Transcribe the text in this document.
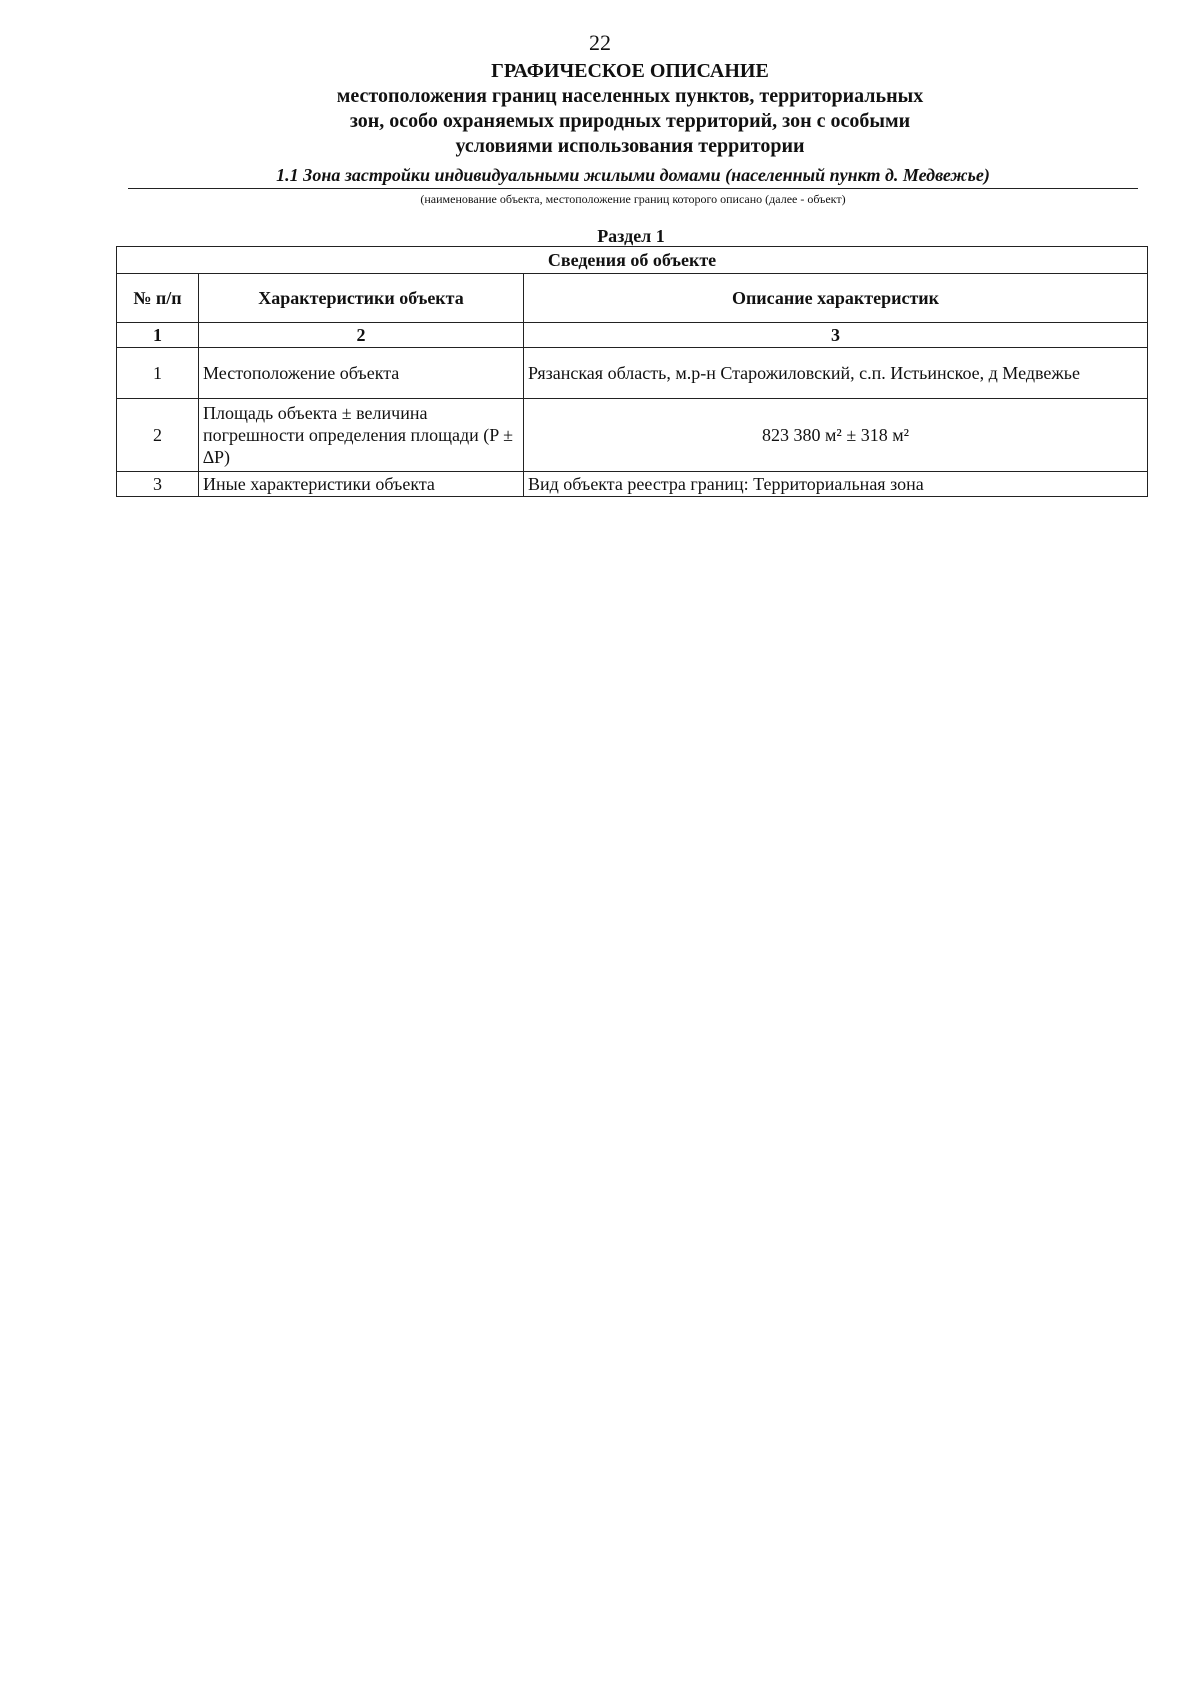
22
ГРАФИЧЕСКОЕ ОПИСАНИЕ
местоположения границ населенных пунктов, территориальных
зон, особо охраняемых природных территорий, зон с особыми
условиями использования территории
1.1 Зона застройки индивидуальными жилыми домами (населенный пункт д. Медвежье)
(наименование объекта, местоположение границ которого описано (далее - объект)
Раздел 1
Сведения об объекте		
№ п/п	Характеристики объекта	Описание характеристик
1	2	3
1	Местоположение объекта	Рязанская область, м.р-н Старожиловский, с.п. Истьинское, д Медвежье
2	Площадь объекта ± величина погрешности определения площади (P ± ∆P)	823 380 м² ± 318 м²
3	Иные характеристики объекта	Вид объекта реестра границ: Территориальная зона
